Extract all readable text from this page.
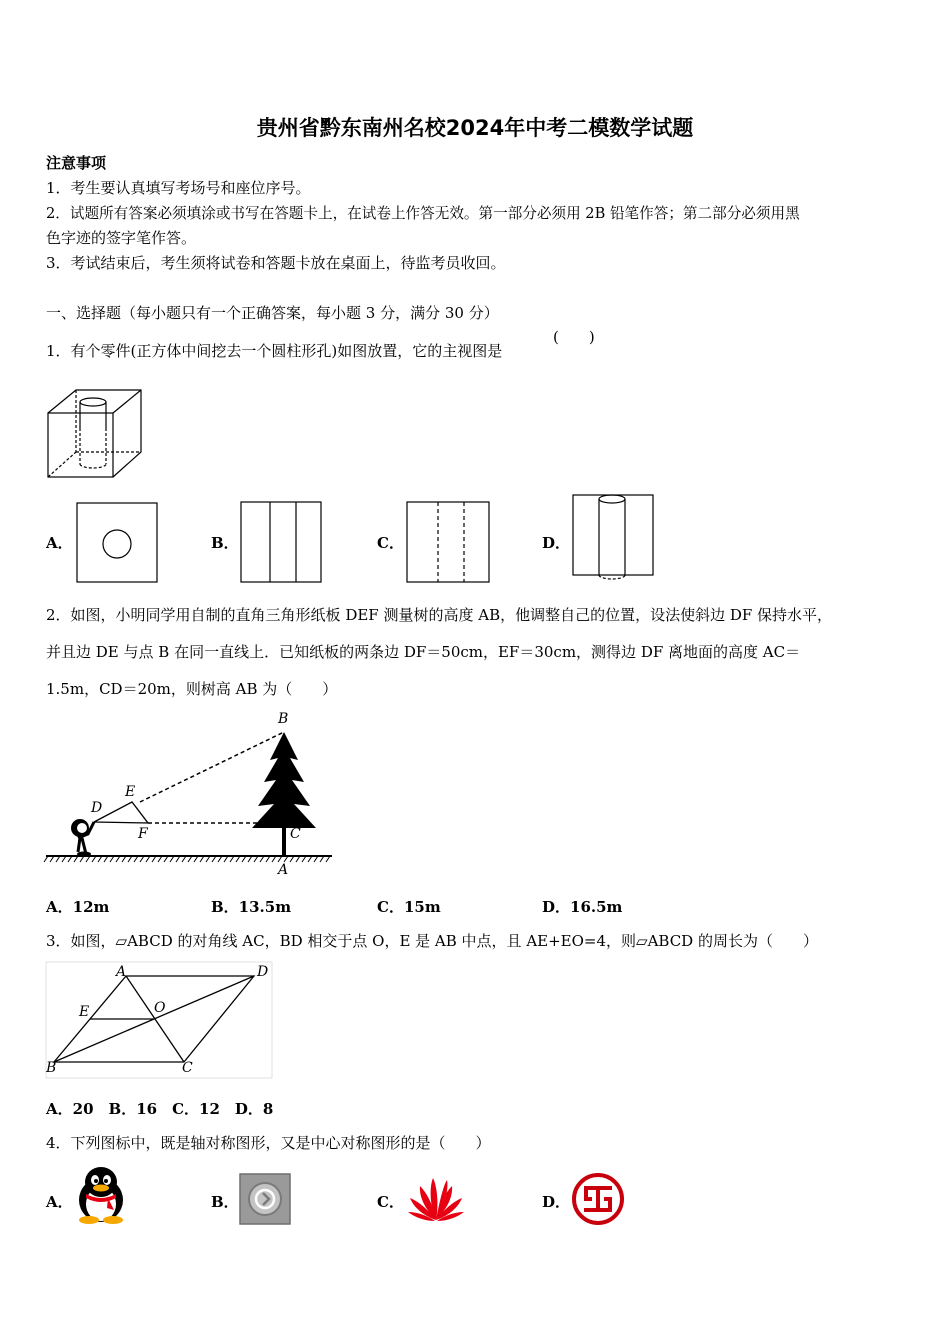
贵州省黔东南州名校2024年中考二模数学试题
注意事项
1．考生要认真填写考场号和座位序号。
2．试题所有答案必须填涂或书写在答题卡上，在试卷上作答无效。第一部分必须用 2B 铅笔作答；第二部分必须用黑
色字迹的签字笔作答。
3．考试结束后，考生须将试卷和答题卡放在桌面上，待监考员收回。
一、选择题（每小题只有一个正确答案，每小题 3 分，满分 30 分）
1．有个零件(正方体中间挖去一个圆柱形孔)如图放置，它的主视图是
(　　)
A．	B．	C．	D．
2．如图，小明同学用自制的直角三角形纸板 DEF 测量树的高度 AB，他调整自己的位置，设法使斜边 DF 保持水平，
并且边 DE 与点 B 在同一直线上．已知纸板的两条边 DF＝50cm，EF＝30cm，测得边 DF 离地面的高度 AC＝
1.5m，CD＝20m，则树高 AB 为（　　）
B
E
D
F	C
A
A．12m	B．13.5m	C．15m	D．16.5m
3．如图，▱ABCD 的对角线 AC，BD 相交于点 O，E 是 AB 中点，且 AE+EO=4，则▱ABCD 的周长为（　　）
A	D
E	O
B	C
A．20　B．16　C．12　D．8
4．下列图标中，既是轴对称图形，又是中心对称图形的是（　　）
A．	B．	C．	D．
